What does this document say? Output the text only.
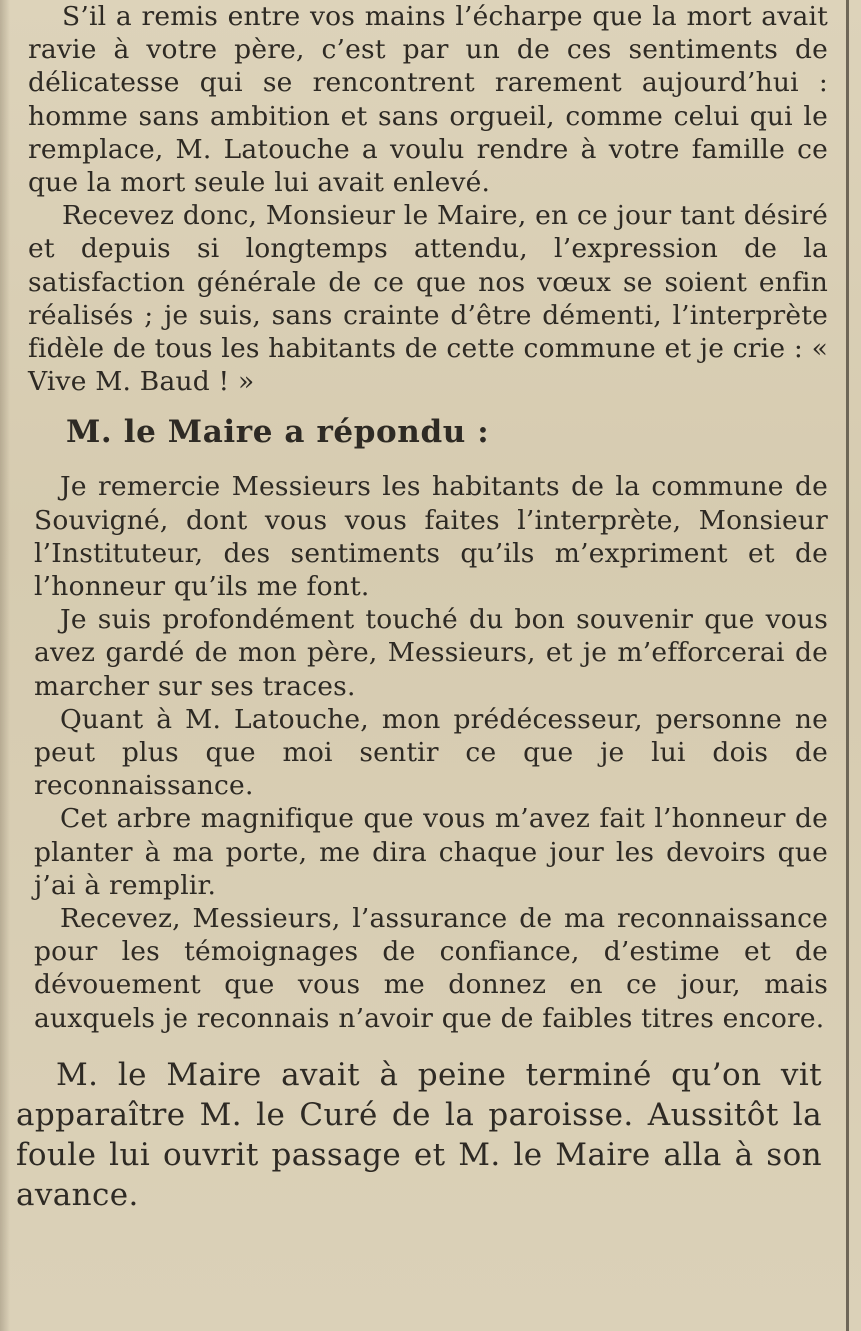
S’il a remis entre vos mains l’écharpe que la mort avait ravie à votre père, c’est par un de ces sentiments de délicatesse qui se rencontrent rarement aujourd’hui : homme sans ambition et sans orgueil, comme celui qui le remplace, M. Latouche a voulu rendre à votre famille ce que la mort seule lui avait enlevé.

Recevez donc, Monsieur le Maire, en ce jour tant désiré et depuis si longtemps attendu, l’expression de la satisfaction générale de ce que nos vœux se soient enfin réalisés ; je suis, sans crainte d’être démenti, l’interprète fidèle de tous les habitants de cette commune et je crie : « Vive M. Baud ! »

M. le Maire a répondu :

Je remercie Messieurs les habitants de la commune de Souvigné, dont vous vous faites l’interprète, Monsieur l’Instituteur, des sentiments qu’ils m’expriment et de l’honneur qu’ils me font.

Je suis profondément touché du bon souvenir que vous avez gardé de mon père, Messieurs, et je m’efforcerai de marcher sur ses traces.

Quant à M. Latouche, mon prédécesseur, personne ne peut plus que moi sentir ce que je lui dois de reconnaissance.

Cet arbre magnifique que vous m’avez fait l’honneur de planter à ma porte, me dira chaque jour les devoirs que j’ai à remplir.

Recevez, Messieurs, l’assurance de ma reconnaissance pour les témoignages de confiance, d’estime et de dévouement que vous me donnez en ce jour, mais auxquels je reconnais n’avoir que de faibles titres encore.

M. le Maire avait à peine terminé qu’on vit apparaître M. le Curé de la paroisse. Aussitôt la foule lui ouvrit passage et M. le Maire alla à son avance.
